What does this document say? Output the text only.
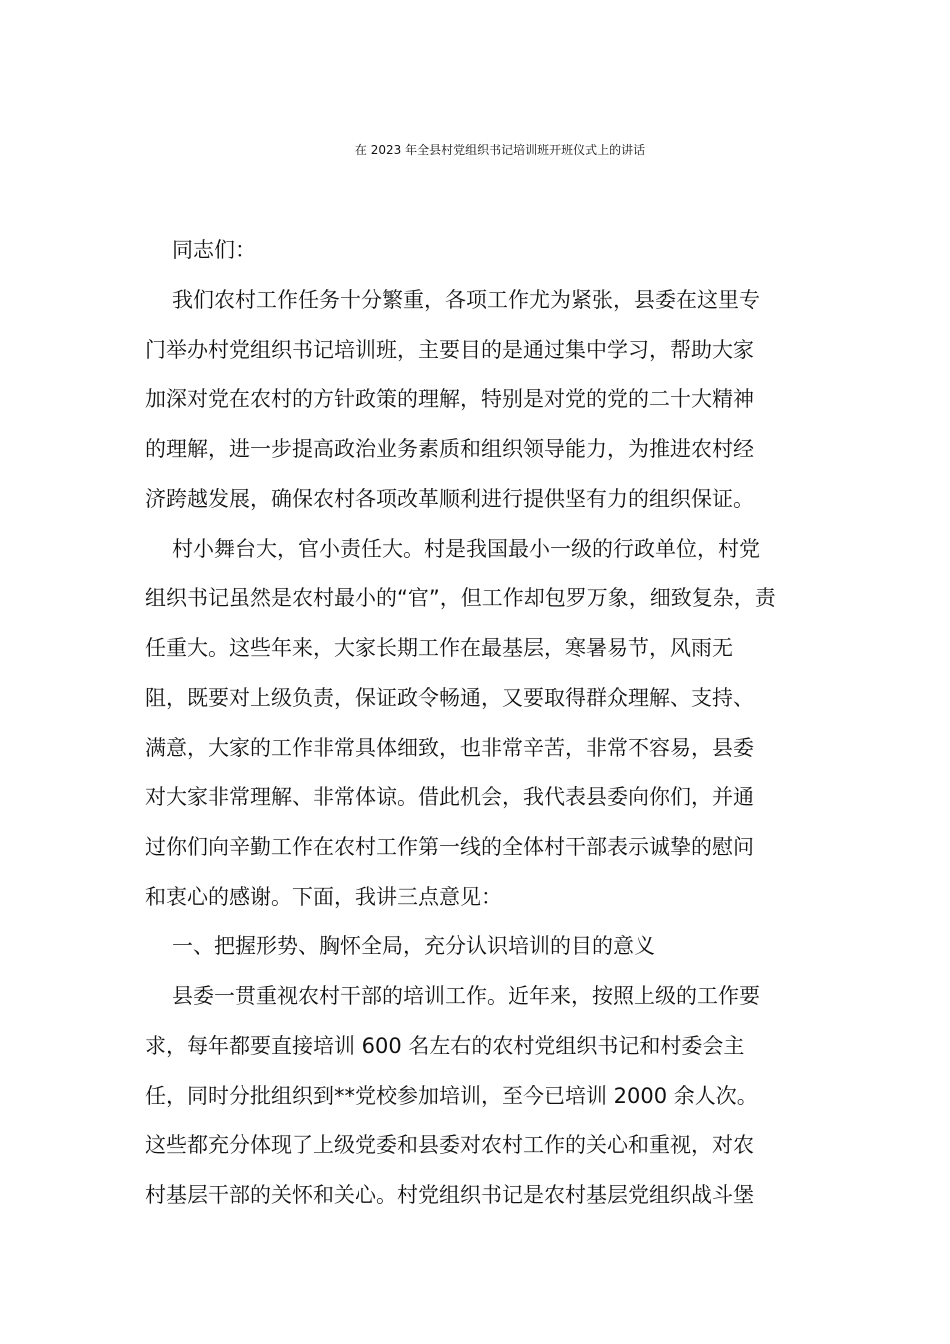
在 2023 年全县村党组织书记培训班开班仪式上的讲话
同志们：
我们农村工作任务十分繁重，各项工作尤为紧张，县委在这里专
门举办村党组织书记培训班，主要目的是通过集中学习，帮助大家
加深对党在农村的方针政策的理解，特别是对党的党的二十大精神
的理解，进一步提高政治业务素质和组织领导能力，为推进农村经
济跨越发展，确保农村各项改革顺利进行提供坚有力的组织保证。
村小舞台大，官小责任大。村是我国最小一级的行政单位，村党
组织书记虽然是农村最小的“官”，但工作却包罗万象，细致复杂，责
任重大。这些年来，大家长期工作在最基层，寒暑易节，风雨无
阻，既要对上级负责，保证政令畅通，又要取得群众理解、支持、
满意，大家的工作非常具体细致，也非常辛苦，非常不容易，县委
对大家非常理解、非常体谅。借此机会，我代表县委向你们，并通
过你们向辛勤工作在农村工作第一线的全体村干部表示诚挚的慰问
和衷心的感谢。下面，我讲三点意见：
一、把握形势、胸怀全局，充分认识培训的目的意义
县委一贯重视农村干部的培训工作。近年来，按照上级的工作要
求，每年都要直接培训 600 名左右的农村党组织书记和村委会主
任，同时分批组织到**党校参加培训，至今已培训 2000 余人次。
这些都充分体现了上级党委和县委对农村工作的关心和重视，对农
村基层干部的关怀和关心。村党组织书记是农村基层党组织战斗堡
